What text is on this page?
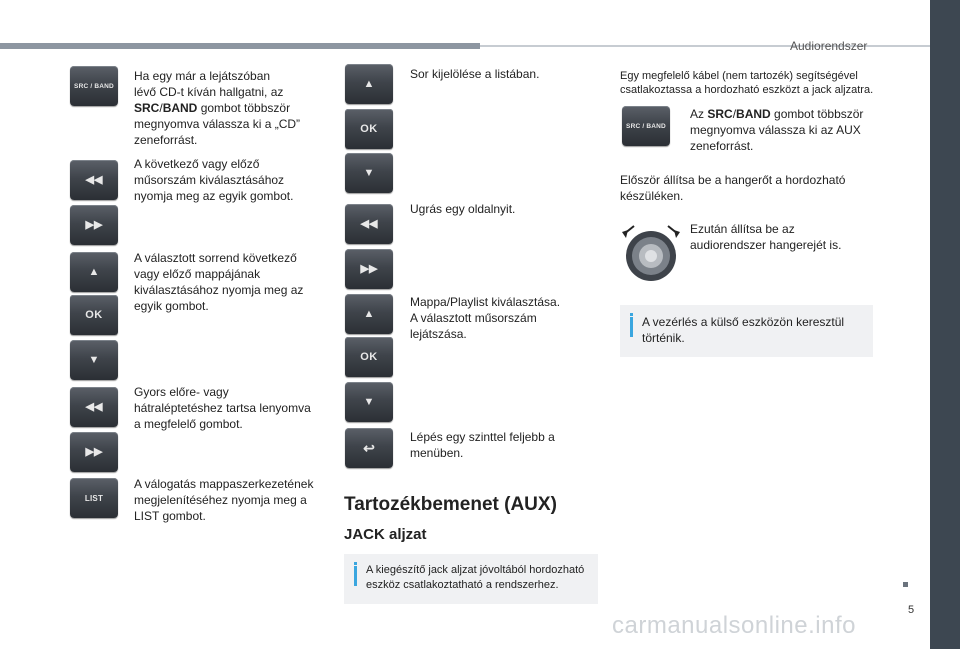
Audiorendszer
5
carmanualsonline.info
SRC / BAND
Ha egy már a lejátszóban
lévő CD-t kíván hallgatni, az
SRC/BAND gombot többször
megnyomva válassza ki a „CD”
zeneforrást.
◀◀
▶▶
A következő vagy előző
műsorszám kiválasztásához
nyomja meg az egyik gombot.
▲
OK
▼
A választott sorrend következő
vagy előző mappájának
kiválasztásához nyomja meg az
egyik gombot.
◀◀
▶▶
Gyors előre- vagy
hátraléptetéshez tartsa lenyomva
a megfelelő gombot.
LIST
A válogatás mappaszerkezetének
megjelenítéséhez nyomja meg a
LIST gombot.
▲
OK
▼
Sor kijelölése a listában.
◀◀
▶▶
Ugrás egy oldalnyit.
▲
OK
▼
Mappa/Playlist kiválasztása.
A választott műsorszám
lejátszása.
↩
Lépés egy szinttel feljebb a
menüben.
Tartozékbemenet (AUX)
JACK aljzat
A kiegészítő jack aljzat jóvoltából hordozható
eszköz csatlakoztatható a rendszerhez.
Egy megfelelő kábel (nem tartozék) segítségével
csatlakoztassa a hordozható eszközt a jack aljzatra.
SRC / BAND
Az SRC/BAND gombot többször
megnyomva válassza ki az AUX
zeneforrást.
Először állítsa be a hangerőt a hordozható
készüléken.
Ezután állítsa be az
audiorendszer hangerejét is.
A vezérlés a külső eszközön keresztül
történik.
